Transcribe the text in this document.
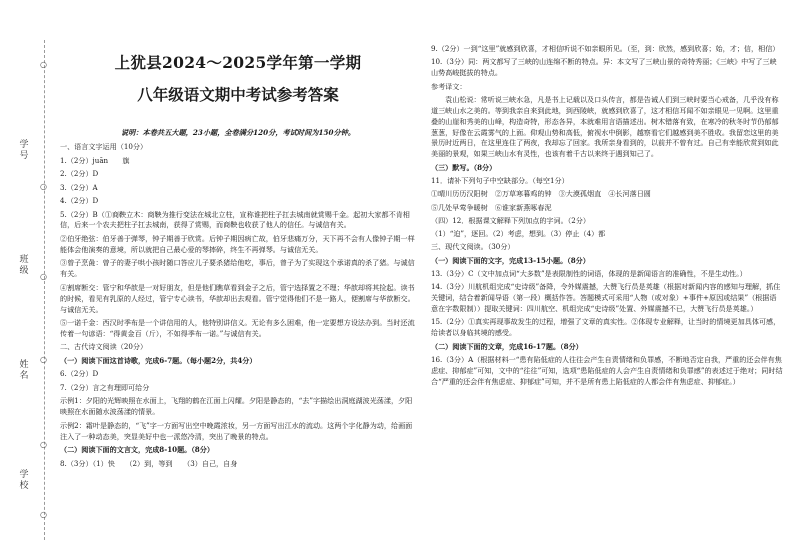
学号
班级
姓名
学校
○
○
○
○
○
○
上犹县2024～2025学年第一学期
八年级语文期中考试参考答案
说明：本卷共五大题，23小题，全卷满分120分，考试时间为150分钟。

一、语言文字运用（10分）

1.（2分）juān　　旗

2.（2分）D

3.（2分）A

4.（2分）D

5.（2分）B（①商鞅立木：商鞅为推行变法在城北立柱，宣称谁把柱子扛去城南就赏赐千金。起初大家都不肯相信，后来一个农夫把柱子扛去城南，获得了赏赐，而商鞅也收获了他人的信任。与诚信有关。

②伯牙绝弦：伯牙善于弹琴，钟子期善于欣赏。后钟子期因病亡故，伯牙悲痛万分，天下再不会有人像钟子期一样能体会他演奏的意境，所以就把自己最心爱的琴摔碎，终生不再弹琴。与诚信无关。

③曾子烹彘：曾子的妻子哄小孩时随口答应儿子要杀猪给他吃，事后，曾子为了实现这个承诺真的杀了猪。与诚信有关。

④割席断交：管宁和华歆是一对好朋友，但是他们瞧草看到金子之后，管宁选择置之不理；华歆却将其捡起。读书的时候，看见有乳原的人经过，管宁专心读书，华歆却出去观看。管宁觉得他们不是一路人，便割席与华歆断交。与诚信无关。

⑤一诺千金：西汉时季布是一个讲信用的人，他特别讲信义。无论有多么困难，他一定要想方设法办到。当时还流传着一句谚语：“得黄金百（斤），不如得季布一诺。”与诚信有关。

二、古代诗文阅读（20分）

（一）阅读下面这首诗歌，完成6-7题。（每小题2分，共4分）

6.（2分）D

7.（2分）言之有理即可给分

示例1：夕阳的光辉映照在水面上，飞翔的鹤在江面上闪耀。夕阳是静态的，“去”字描绘出洞庭湖波光荡漾，夕阳映照在水面随水波荡漾的情景。

示例2：霜叶是静态的，“飞”字一方面写出空中晚霞浓妆，另一方面写出江水的流动。这两个字化静为动，给画面注入了一种动态美，突显美好中也一派悠冷清，突出了晚景的特点。

（二）阅读下面的文言文，完成8-10题。（8分）

8.（3分）（1）快　　（2）到，等到　　（3）自己，自身

9.（2分）一到“这里”就感到欣喜，才相信听说不如亲眼所见。（至，到：欣然，感到欣喜；始，才；信，相信）

10.（3分）同：两文都写了三峡的山连绵不断的特点。异：本文写了三峡山景的奇特秀丽；《三峡》中写了三峡山势高峻挺拔的特点。

参考译文：

　　袁山松说：常听说三峡水急，凡是书上记载以及口头传言，都是告诫人们到三峡时要当心戒备，几乎没有称道三峡山水之美的。等到我亲自来到此地，到西陵峡，就感到欣喜了，这才相信耳闻不如亲眼见一见啊。这里重叠的山崖和秀美的山峰，构造奇特，形态各异，本就难用言语描述出。树木错落有致，在寒冷的秋冬时节仍郁郁葱葱，好像在云霞雾气的上面。仰观山势和高低，俯视水中倒影，越察看它们越感到美不胜收。我留恋这里的美景历时近两日，在这里连住了两夜，我却忘了回家。我所亲身看到的，以前并不曾有过。自己有幸能欣赏到如此美丽的景观，如果三峡山水有灵性，也该有着千古以来终于遇到知己了。

（三）默写。（8分）

11．请补下列句子中空缺部分。（每空1分）

①晴川历历汉阳树　②万草寒暮鸡的钟　③大漠孤烟直　④长河落日圆

⑤几处早莺争暖树　⑥谁家新燕啄春泥

（四）12．根据课文解释下列加点的字词。（2分）

（1）“迫”，逐回。（2）考虑，想到。（3）停止（4）都

三、现代文阅读。（30分）

（一）阅读下面的文字，完成13-15小题。（8分）

13.（3分）C（文中加点词“大多数”是表限制性的词语，体现的是新闻语言的准确性，不是生动性。）

14.（3分）川航机组完成“史诗级”备降，令外媒震撼，大赞飞行员是英雄（根据对新闻内容的感知与理解，抓住关键词，结合着新闻导语（第一段）概括作答。答题模式可采用“人物（或对象）+事件+原因或结果”（根据语意在字数限制））提取关键词：四川航空、机组完成“史诗级”处置、外媒震撼不已，大赞飞行员是英雄。）

15.（2分）①真实再现事故发生的过程，增强了文章的真实性。②体现专业解释，让当时的情境更加具体可感，给读者以身临其境的感受。

（二）阅读下面的文章，完成16-17题。（8分）

16.（3分）A（根据材料一“患有陷低症的人往往会产生自责情绪和负罪感，不断地否定自我，严重的还会伴有焦虑症、抑郁症”可知，文中的“往往”可知，选项“患陷低症的人会产生自责情绪和负罪感”的表述过于绝对；同时结合“严重的还会伴有焦虑症、抑郁症”可知，并不是所有患上陷低症的人都会伴有焦虑症、抑郁症。）
